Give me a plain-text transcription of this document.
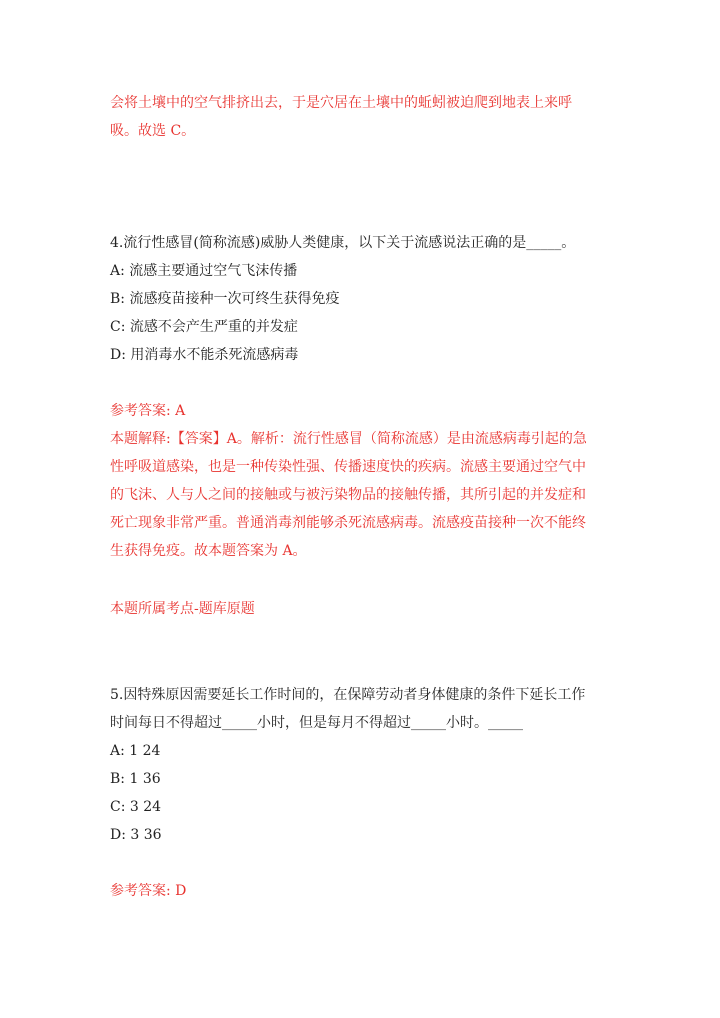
会将土壤中的空气排挤出去，于是穴居在土壤中的蚯蚓被迫爬到地表上来呼
吸。故选 C。
4.流行性感冒(简称流感)威胁人类健康，以下关于流感说法正确的是_____。
A: 流感主要通过空气飞沫传播
B: 流感疫苗接种一次可终生获得免疫
C: 流感不会产生严重的并发症
D: 用消毒水不能杀死流感病毒
参考答案: A
本题解释:【答案】A。解析：流行性感冒（简称流感）是由流感病毒引起的急
性呼吸道感染，也是一种传染性强、传播速度快的疾病。流感主要通过空气中
的飞沫、人与人之间的接触或与被污染物品的接触传播，其所引起的并发症和
死亡现象非常严重。普通消毒剂能够杀死流感病毒。流感疫苗接种一次不能终
生获得免疫。故本题答案为 A。
本题所属考点-题库原题
5.因特殊原因需要延长工作时间的，在保障劳动者身体健康的条件下延长工作
时间每日不得超过_____小时，但是每月不得超过_____小时。_____
A: 1 24
B: 1 36
C: 3 24
D: 3 36
参考答案: D
